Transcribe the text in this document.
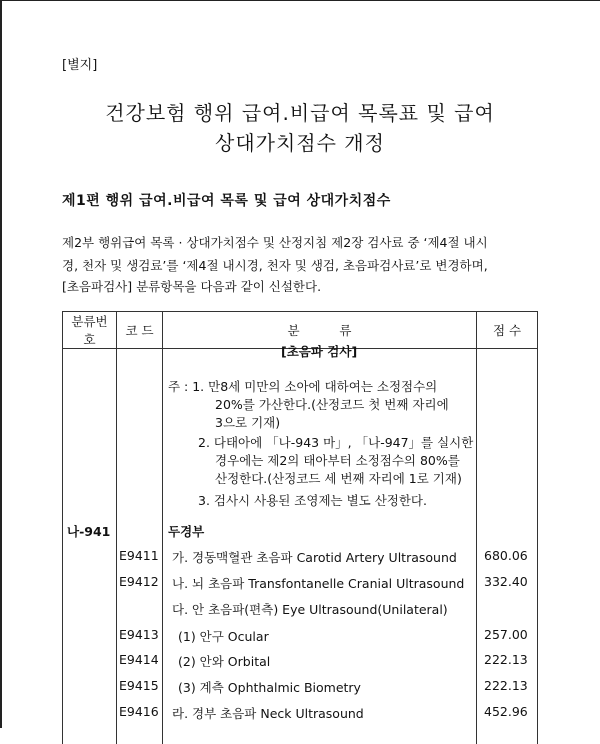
[별지]
건강보험 행위 급여.비급여 목록표 및 급여
상대가치점수 개정
제1편 행위 급여.비급여 목록 및 급여 상대가치점수
제2부 행위급여 목록 · 상대가치점수 및 산정지침 제2장 검사료 중 ‘제4절 내시
경, 천자 및 생검료’를 ‘제4절 내시경, 천자 및 생검, 초음파검사료’로 변경하며,
[초음파검사] 분류항목을 다음과 같이 신설한다.
분류번호	코 드	분          류	점 수

[초음파 검사]
주 : 1. 만8세 미만의 소아에 대하여는 소정점수의
20%를 가산한다.(산정코드 첫 번째 자리에
3으로 기재)
2. 다태아에 「나-943 마」, 「나-947」를 실시한
경우에는 제2의 태아부터 소정점수의 80%를
산정한다.(산정코드 세 번째 자리에 1로 기재)
3. 검사시 사용된 조영제는 별도 산정한다.
나-941	두경부
E9411 가. 경동맥혈관 초음파 Carotid Artery Ultrasound 680.06
E9412 나. 뇌 초음파 Transfontanelle Cranial Ultrasound 332.40
다. 안 초음파(편측) Eye Ultrasound(Unilateral)
E9413 (1) 안구 Ocular	257.00
E9414 (2) 안와 Orbital	222.13
E9415 (3) 계측 Ophthalmic Biometry	222.13
E9416 라. 경부 초음파 Neck Ultrasound	452.96
